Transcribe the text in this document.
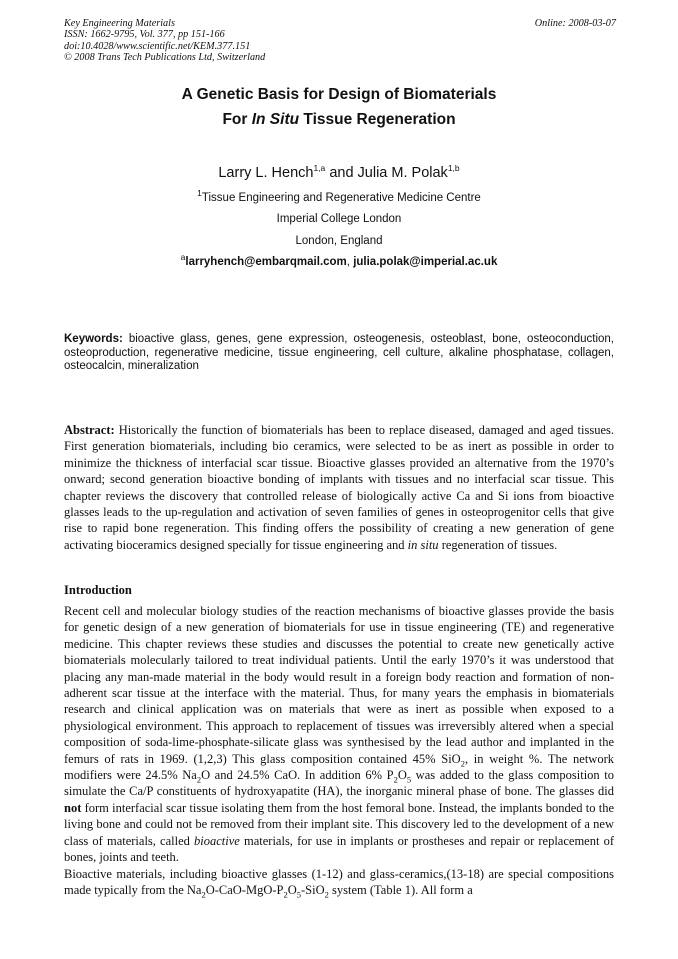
Key Engineering Materials
ISSN: 1662-9795, Vol. 377, pp 151-166
doi:10.4028/www.scientific.net/KEM.377.151
© 2008 Trans Tech Publications Ltd, Switzerland
Online: 2008-03-07
A Genetic Basis for Design of Biomaterials
For In Situ Tissue Regeneration
Larry L. Hench$^{1,a}$ and Julia M. Polak$^{1,b}$
$^1$Tissue Engineering and Regenerative Medicine Centre
Imperial College London
London, England
$^a$larryhench@embarqmail.com, julia.polak@imperial.ac.uk
Keywords: bioactive glass, genes, gene expression, osteogenesis, osteoblast, bone, osteoconduction, osteoproduction, regenerative medicine, tissue engineering, cell culture, alkaline phosphatase, collagen, osteocalcin, mineralization
Abstract: Historically the function of biomaterials has been to replace diseased, damaged and aged tissues. First generation biomaterials, including bio ceramics, were selected to be as inert as possible in order to minimize the thickness of interfacial scar tissue. Bioactive glasses provided an alternative from the 1970’s onward; second generation bioactive bonding of implants with tissues and no interfacial scar tissue. This chapter reviews the discovery that controlled release of biologically active Ca and Si ions from bioactive glasses leads to the up-regulation and activation of seven families of genes in osteoprogenitor cells that give rise to rapid bone regeneration. This finding offers the possibility of creating a new generation of gene activating bioceramics designed specially for tissue engineering and in situ regeneration of tissues.
Introduction

Recent cell and molecular biology studies of the reaction mechanisms of bioactive glasses provide the basis for genetic design of a new generation of biomaterials for use in tissue engineering (TE) and regenerative medicine. This chapter reviews these studies and discusses the potential to create new genetically active biomaterials molecularly tailored to treat individual patients. Until the early 1970’s it was understood that placing any man-made material in the body would result in a foreign body reaction and formation of non-adherent scar tissue at the interface with the material. Thus, for many years the emphasis in biomaterials research and clinical application was on materials that were as inert as possible when exposed to a physiological environment. This approach to replacement of tissues was irreversibly altered when a special composition of soda-lime-phosphate-silicate glass was synthesised by the lead author and implanted in the femurs of rats in 1969. (1,2,3) This glass composition contained 45% SiO$_2$, in weight %. The network modifiers were 24.5% $Na_2O$ and 24.5% CaO. In addition 6% $P_2O_5$ was added to the glass composition to simulate the Ca/P constituents of hydroxyapatite (HA), the inorganic mineral phase of bone. The glasses did not form interfacial scar tissue isolating them from the host femoral bone. Instead, the implants bonded to the living bone and could not be removed from their implant site. This discovery led to the development of a new class of materials, called bioactive materials, for use in implants or prostheses and repair or replacement of bones, joints and teeth.

Bioactive materials, including bioactive glasses (1-12) and glass-ceramics,(13-18) are special compositions made typically from the $Na_2O-CaO-MgO-P_2O_5-SiO_2$ system (Table 1). All form a
